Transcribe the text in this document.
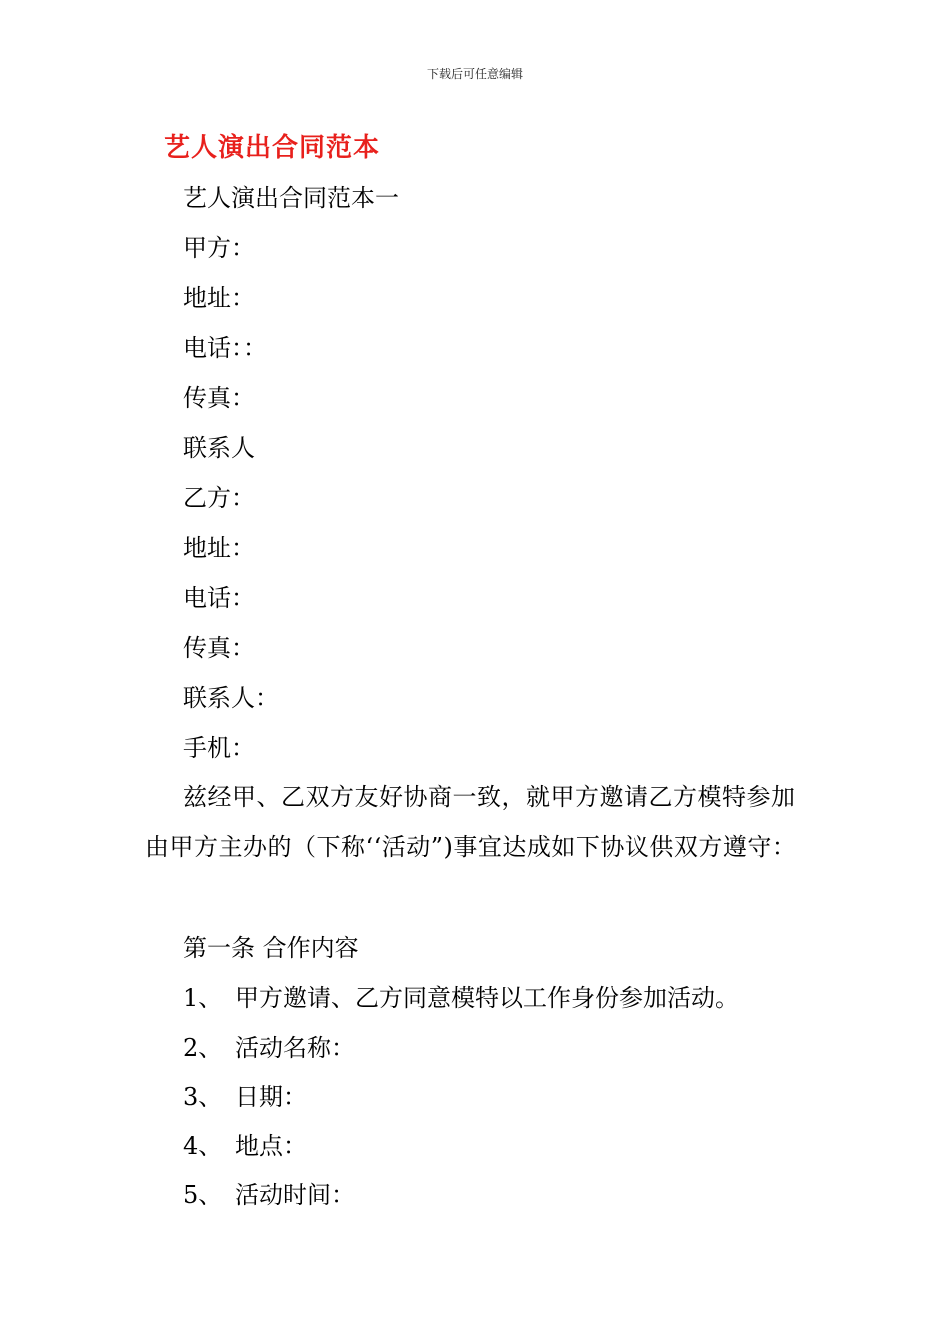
下载后可任意编辑
艺人演出合同范本
艺人演出合同范本一
甲方：
地址：
电话：：
传真：
联系人
乙方：
地址：
电话：
传真：
联系人：
手机：
兹经甲、乙双方友好协商一致，就甲方邀请乙方模特参加由甲方主办的（下称‘‘活动”)事宜达成如下协议供双方遵守：
第一条 合作内容
1、 甲方邀请、乙方同意模特以工作身份参加活动。
2、 活动名称：
3、 日期：
4、 地点：
5、 活动时间：
